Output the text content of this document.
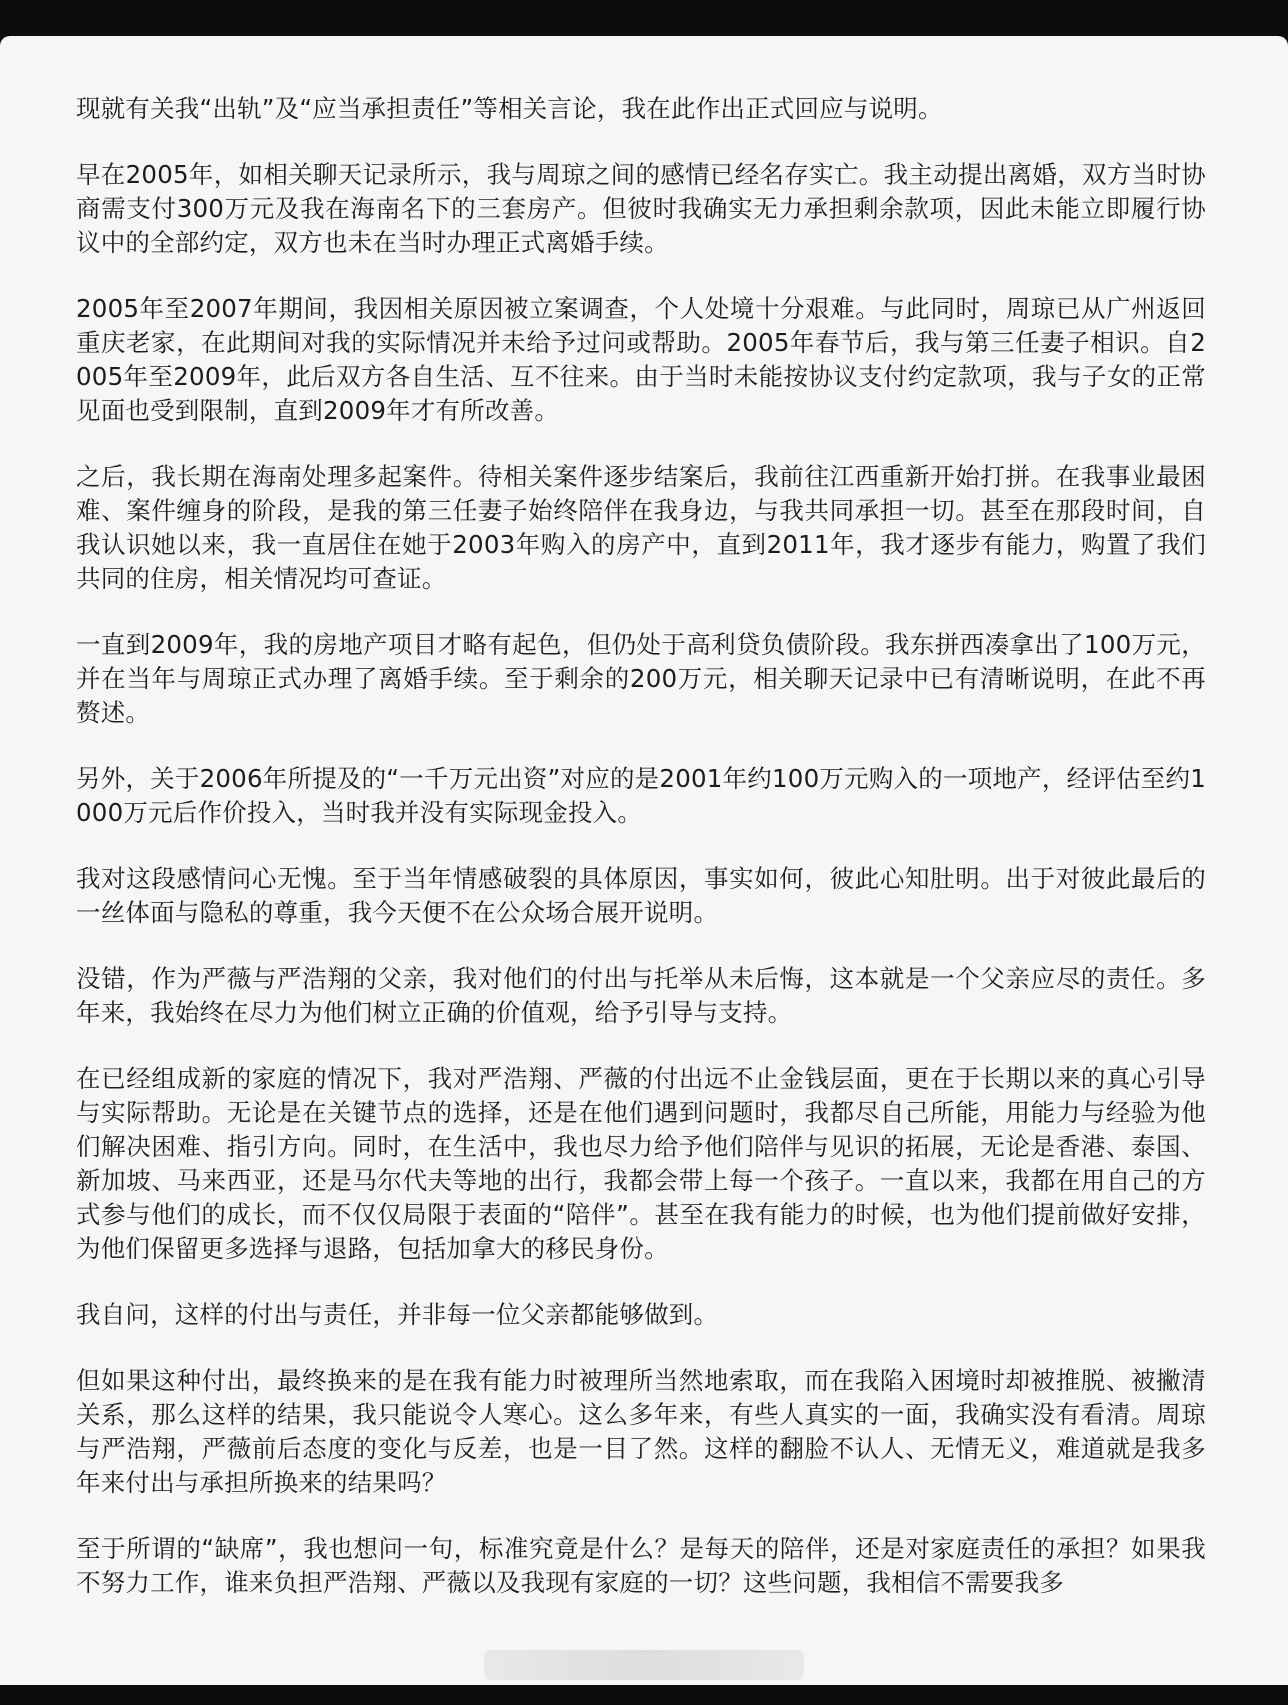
现就有关我“出轨”及“应当承担责任”等相关言论，我在此作出正式回应与说明。

早在2005年，如相关聊天记录所示，我与周琼之间的感情已经名存实亡。我主动提出离婚，双方当时协商需支付300万元及我在海南名下的三套房产。但彼时我确实无力承担剩余款项，因此未能立即履行协议中的全部约定，双方也未在当时办理正式离婚手续。

2005年至2007年期间，我因相关原因被立案调查，个人处境十分艰难。与此同时，周琼已从广州返回重庆老家，在此期间对我的实际情况并未给予过问或帮助。2005年春节后，我与第三任妻子相识。自2005年至2009年，此后双方各自生活、互不往来。由于当时未能按协议支付约定款项，我与子女的正常见面也受到限制，直到2009年才有所改善。

之后，我长期在海南处理多起案件。待相关案件逐步结案后，我前往江西重新开始打拼。在我事业最困难、案件缠身的阶段，是我的第三任妻子始终陪伴在我身边，与我共同承担一切。甚至在那段时间，自我认识她以来，我一直居住在她于2003年购入的房产中，直到2011年，我才逐步有能力，购置了我们共同的住房，相关情况均可查证。

一直到2009年，我的房地产项目才略有起色，但仍处于高利贷负债阶段。我东拼西凑拿出了100万元，并在当年与周琼正式办理了离婚手续。至于剩余的200万元，相关聊天记录中已有清晰说明，在此不再赘述。

另外，关于2006年所提及的“一千万元出资”对应的是2001年约100万元购入的一项地产，经评估至约1000万元后作价投入，当时我并没有实际现金投入。

我对这段感情问心无愧。至于当年情感破裂的具体原因，事实如何，彼此心知肚明。出于对彼此最后的一丝体面与隐私的尊重，我今天便不在公众场合展开说明。

没错，作为严薇与严浩翔的父亲，我对他们的付出与托举从未后悔，这本就是一个父亲应尽的责任。多年来，我始终在尽力为他们树立正确的价值观，给予引导与支持。

在已经组成新的家庭的情况下，我对严浩翔、严薇的付出远不止金钱层面，更在于长期以来的真心引导与实际帮助。无论是在关键节点的选择，还是在他们遇到问题时，我都尽自己所能，用能力与经验为他们解决困难、指引方向。同时，在生活中，我也尽力给予他们陪伴与见识的拓展，无论是香港、泰国、新加坡、马来西亚，还是马尔代夫等地的出行，我都会带上每一个孩子。一直以来，我都在用自己的方式参与他们的成长，而不仅仅局限于表面的“陪伴”。甚至在我有能力的时候，也为他们提前做好安排，为他们保留更多选择与退路，包括加拿大的移民身份。

我自问，这样的付出与责任，并非每一位父亲都能够做到。

但如果这种付出，最终换来的是在我有能力时被理所当然地索取，而在我陷入困境时却被推脱、被撇清关系，那么这样的结果，我只能说令人寒心。这么多年来，有些人真实的一面，我确实没有看清。周琼与严浩翔，严薇前后态度的变化与反差，也是一目了然。这样的翻脸不认人、无情无义，难道就是我多年来付出与承担所换来的结果吗？

至于所谓的“缺席”，我也想问一句，标准究竟是什么？是每天的陪伴，还是对家庭责任的承担？如果我不努力工作，谁来负担严浩翔、严薇以及我现有家庭的一切？这些问题，我相信不需要我多
